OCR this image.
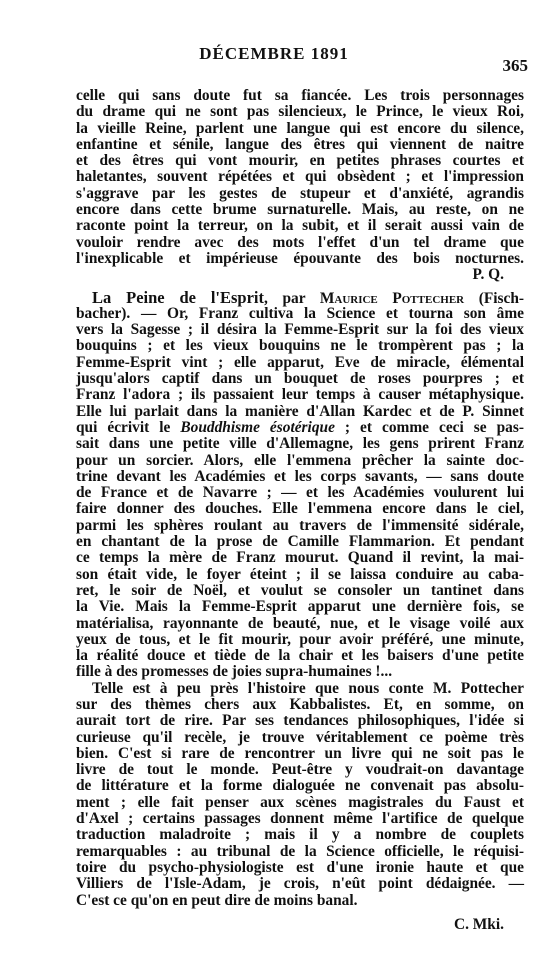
DÉCEMBRE 1891
365
celle qui sans doute fut sa fiancée. Les trois personnages
du drame qui ne sont pas silencieux, le Prince, le vieux Roi,
la vieille Reine, parlent une langue qui est encore du silence,
enfantine et sénile, langue des êtres qui viennent de naitre
et des êtres qui vont mourir, en petites phrases courtes et
haletantes, souvent répétées et qui obsèdent ; et l'impression
s'aggrave par les gestes de stupeur et d'anxiété, agrandis
encore dans cette brume surnaturelle. Mais, au reste, on ne
raconte point la terreur, on la subit, et il serait aussi vain de
vouloir rendre avec des mots l'effet d'un tel drame que
l'inexplicable et impérieuse épouvante des bois nocturnes.
P. Q.
La Peine de l'Esprit, par Maurice Pottecher (Fisch-
bacher). — Or, Franz cultiva la Science et tourna son âme
vers la Sagesse ; il désira la Femme-Esprit sur la foi des vieux
bouquins ; et les vieux bouquins ne le trompèrent pas ; la
Femme-Esprit vint ; elle apparut, Eve de miracle, élémental
jusqu'alors captif dans un bouquet de roses pourpres ; et
Franz l'adora ; ils passaient leur temps à causer métaphysique.
Elle lui parlait dans la manière d'Allan Kardec et de P. Sinnet
qui écrivit le Bouddhisme ésotérique ; et comme ceci se pas-
sait dans une petite ville d'Allemagne, les gens prirent Franz
pour un sorcier. Alors, elle l'emmena prêcher la sainte doc-
trine devant les Académies et les corps savants, — sans doute
de France et de Navarre ; — et les Académies voulurent lui
faire donner des douches. Elle l'emmena encore dans le ciel,
parmi les sphères roulant au travers de l'immensité sidérale,
en chantant de la prose de Camille Flammarion. Et pendant
ce temps la mère de Franz mourut. Quand il revint, la mai-
son était vide, le foyer éteint ; il se laissa conduire au caba-
ret, le soir de Noël, et voulut se consoler un tantinet dans
la Vie. Mais la Femme-Esprit apparut une dernière fois, se
matérialisa, rayonnante de beauté, nue, et le visage voilé aux
yeux de tous, et le fit mourir, pour avoir préféré, une minute,
la réalité douce et tiède de la chair et les baisers d'une petite
fille à des promesses de joies supra-humaines !...
Telle est à peu près l'histoire que nous conte M. Pottecher
sur des thèmes chers aux Kabbalistes. Et, en somme, on
aurait tort de rire. Par ses tendances philosophiques, l'idée si
curieuse qu'il recèle, je trouve véritablement ce poème très
bien. C'est si rare de rencontrer un livre qui ne soit pas le
livre de tout le monde. Peut-être y voudrait-on davantage
de littérature et la forme dialoguée ne convenait pas absolu-
ment ; elle fait penser aux scènes magistrales du Faust et
d'Axel ; certains passages donnent même l'artifice de quelque
traduction maladroite ; mais il y a nombre de couplets
remarquables : au tribunal de la Science officielle, le réquisi-
toire du psycho-physiologiste est d'une ironie haute et que
Villiers de l'Isle-Adam, je crois, n'eût point dédaignée. —
C'est ce qu'on en peut dire de moins banal.
C. Mki.
